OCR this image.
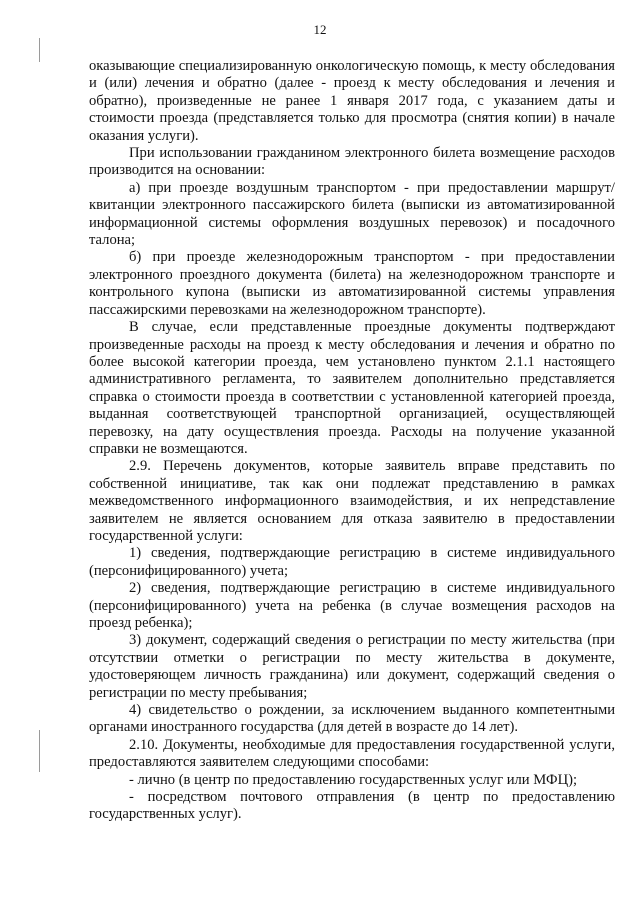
12

оказывающие специализированную онкологическую помощь, к месту обследования и (или) лечения и обратно (далее - проезд к месту обследования и лечения и обратно), произведенные не ранее 1 января 2017 года, с указанием даты и стоимости проезда (представляется только для просмотра (снятия копии) в начале оказания услуги).

При использовании гражданином электронного билета возмещение расходов производится на основании:

а) при проезде воздушным транспортом - при предоставлении маршрут/квитанции электронного пассажирского билета (выписки из автоматизированной информационной системы оформления воздушных перевозок) и посадочного талона;

б) при проезде железнодорожным транспортом - при предоставлении электронного проездного документа (билета) на железнодорожном транспорте и контрольного купона (выписки из автоматизированной системы управления пассажирскими перевозками на железнодорожном транспорте).

В случае, если представленные проездные документы подтверждают произведенные расходы на проезд к месту обследования и лечения и обратно по более высокой категории проезда, чем установлено пунктом 2.1.1 настоящего административного регламента, то заявителем дополнительно представляется справка о стоимости проезда в соответствии с установленной категорией проезда, выданная соответствующей транспортной организацией, осуществляющей перевозку, на дату осуществления проезда. Расходы на получение указанной справки не возмещаются.

2.9. Перечень документов, которые заявитель вправе представить по собственной инициативе, так как они подлежат представлению в рамках межведомственного информационного взаимодействия, и их непредставление заявителем не является основанием для отказа заявителю в предоставлении государственной услуги:

1) сведения, подтверждающие регистрацию в системе индивидуального (персонифицированного) учета;

2) сведения, подтверждающие регистрацию в системе индивидуального (персонифицированного) учета на ребенка (в случае возмещения расходов на проезд ребенка);

3) документ, содержащий сведения о регистрации по месту жительства (при отсутствии отметки о регистрации по месту жительства в документе, удостоверяющем личность гражданина) или документ, содержащий сведения о регистрации по месту пребывания;

4) свидетельство о рождении, за исключением выданного компетентными органами иностранного государства (для детей в возрасте до 14 лет).

2.10. Документы, необходимые для предоставления государственной услуги, предоставляются заявителем следующими способами:

- лично (в центр по предоставлению государственных услуг или МФЦ);

- посредством почтового отправления (в центр по предоставлению государственных услуг).
